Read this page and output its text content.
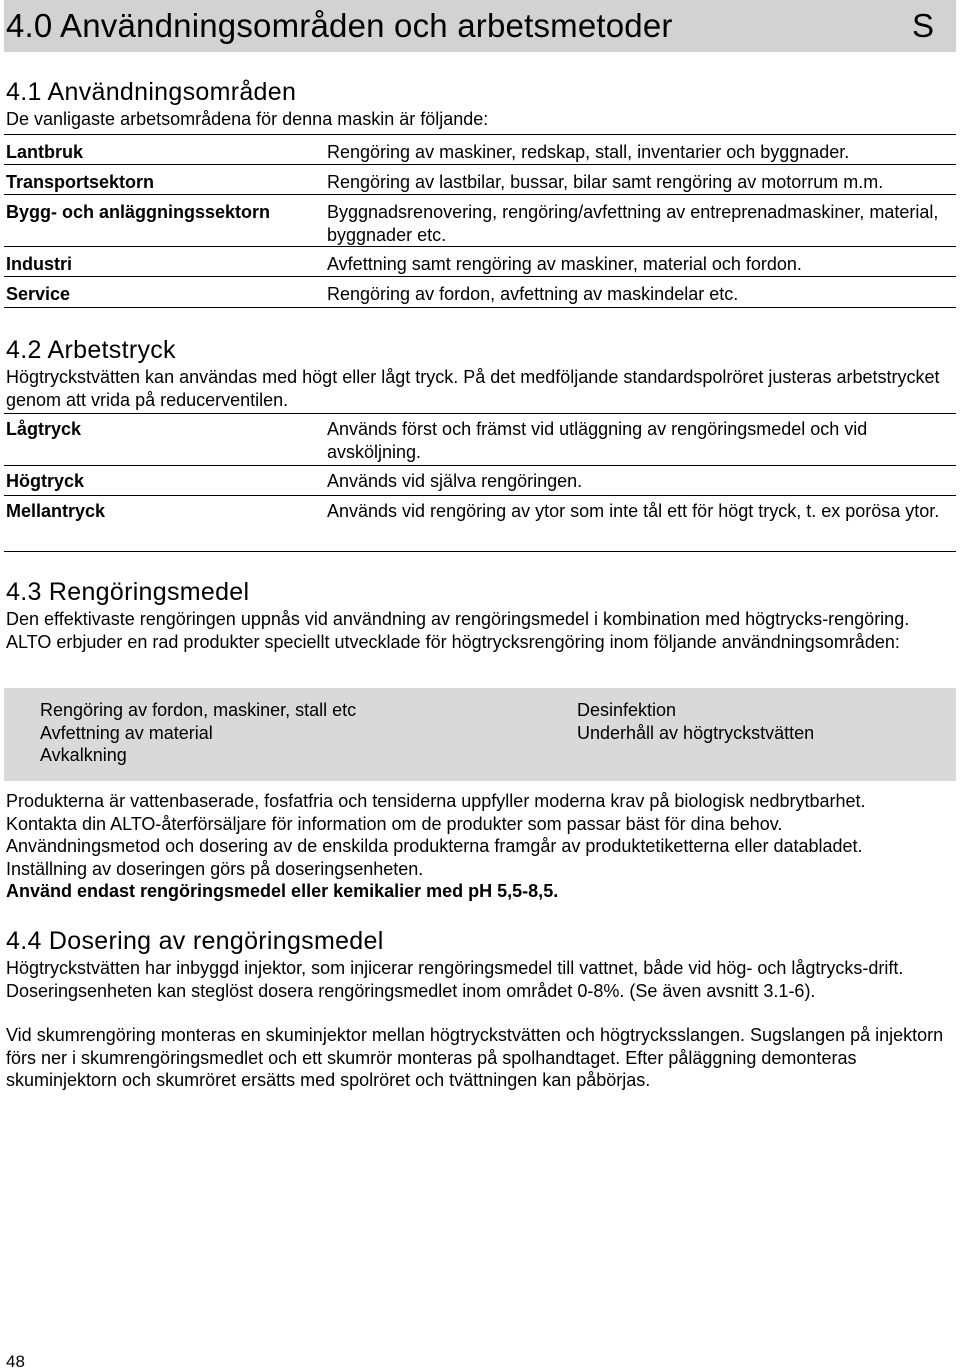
4.0 Användningsområden och arbetsmetoder	S
4.1 Användningsområden
De vanligaste arbetsområdena för denna maskin är följande:
Lantbruk	Rengöring av maskiner, redskap, stall, inventarier och byggnader.
Transportsektorn	Rengöring av lastbilar, bussar, bilar samt rengöring av motorrum m.m.
Bygg- och anläggningssektorn	Byggnadsrenovering, rengöring/avfettning av entreprenadmaskiner, material, byggnader etc.
Industri	Avfettning samt rengöring av maskiner, material och fordon.
Service	Rengöring av fordon, avfettning av maskindelar etc.
4.2 Arbetstryck
Högtryckstvätten kan användas med högt eller lågt tryck. På det medföljande standardspolröret justeras arbetstrycket genom att vrida på reducerventilen.
Lågtryck	Används först och främst vid utläggning av rengöringsmedel och vid avsköljning.
Högtryck	Används vid själva rengöringen.
Mellantryck	Används vid rengöring av ytor som inte tål ett för högt tryck, t. ex porösa ytor.
4.3 Rengöringsmedel
Den effektivaste rengöringen uppnås vid användning av rengöringsmedel i kombination med högtrycks-rengöring. ALTO erbjuder en rad produkter speciellt utvecklade för högtrycksrengöring inom följande användningsområden:
Rengöring av fordon, maskiner, stall etc
Avfettning av material
Avkalkning
Desinfektion
Underhåll av högtryckstvätten
Produkterna är vattenbaserade, fosfatfria och tensiderna uppfyller moderna krav på biologisk nedbrytbarhet.
Kontakta din ALTO-återförsäljare för information om de produkter som passar bäst för dina behov.
Användningsmetod och dosering av de enskilda produkterna framgår av produktetiketterna eller databladet.
Inställning av doseringen görs på doseringsenheten.
Använd endast rengöringsmedel eller kemikalier med pH 5,5-8,5.
4.4 Dosering av rengöringsmedel
Högtryckstvätten har inbyggd injektor, som injicerar rengöringsmedel till vattnet, både vid hög- och lågtrycks-drift. Doseringsenheten kan steglöst dosera rengöringsmedlet inom området 0-8%. (Se även avsnitt 3.1-6).
Vid skumrengöring monteras en skuminjektor mellan högtryckstvätten och högtrycksslangen. Sugslangen på injektorn förs ner i skumrengöringsmedlet och ett skumrör monteras på spolhandtaget. Efter påläggning demonteras skuminjektorn och skumröret ersätts med spolröret och tvättningen kan påbörjas.
48
